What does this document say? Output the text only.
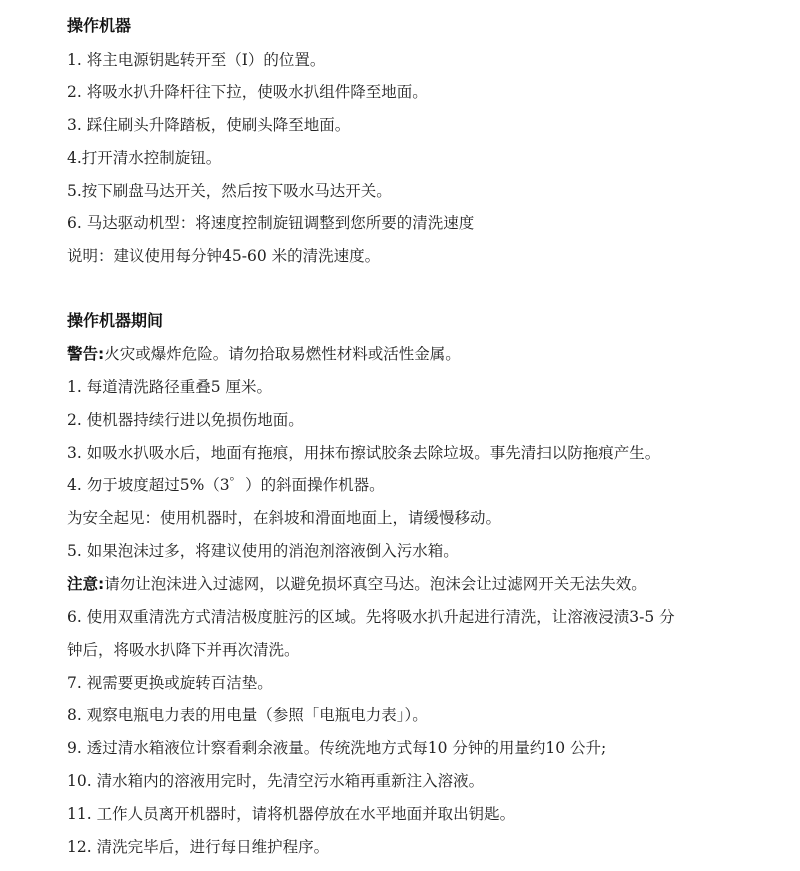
操作机器
1. 将主电源钥匙转开至（I）的位置。
2. 将吸水扒升降杆往下拉，使吸水扒组件降至地面。
3. 踩住刷头升降踏板，使刷头降至地面。
4.打开清水控制旋钮。
5.按下刷盘马达开关，然后按下吸水马达开关。
6. 马达驱动机型：将速度控制旋钮调整到您所要的清洗速度
说明：建议使用每分钟45-60 米的清洗速度。
操作机器期间
警告:火灾或爆炸危险。请勿拾取易燃性材料或活性金属。
1. 每道清洗路径重叠5 厘米。
2. 使机器持续行进以免损伤地面。
3. 如吸水扒吸水后，地面有拖痕，用抹布擦试胶条去除垃圾。事先清扫以防拖痕产生。
4. 勿于坡度超过5%（3゜）的斜面操作机器。
为安全起见：使用机器时，在斜坡和滑面地面上，请缓慢移动。
5. 如果泡沫过多，将建议使用的消泡剂溶液倒入污水箱。
注意:请勿让泡沫进入过滤网，以避免损坏真空马达。泡沫会让过滤网开关无法失效。
6. 使用双重清洗方式清洁极度脏污的区域。先将吸水扒升起进行清洗，让溶液浸渍3-5 分
钟后，将吸水扒降下并再次清洗。
7. 视需要更换或旋转百洁垫。
8. 观察电瓶电力表的用电量（参照「电瓶电力表」）。
9. 透过清水箱液位计察看剩余液量。传统洗地方式每10 分钟的用量约10 公升;
10. 清水箱内的溶液用完时，先清空污水箱再重新注入溶液。
11. 工作人员离开机器时，请将机器停放在水平地面并取出钥匙。
12. 清洗完毕后，进行每日维护程序。
